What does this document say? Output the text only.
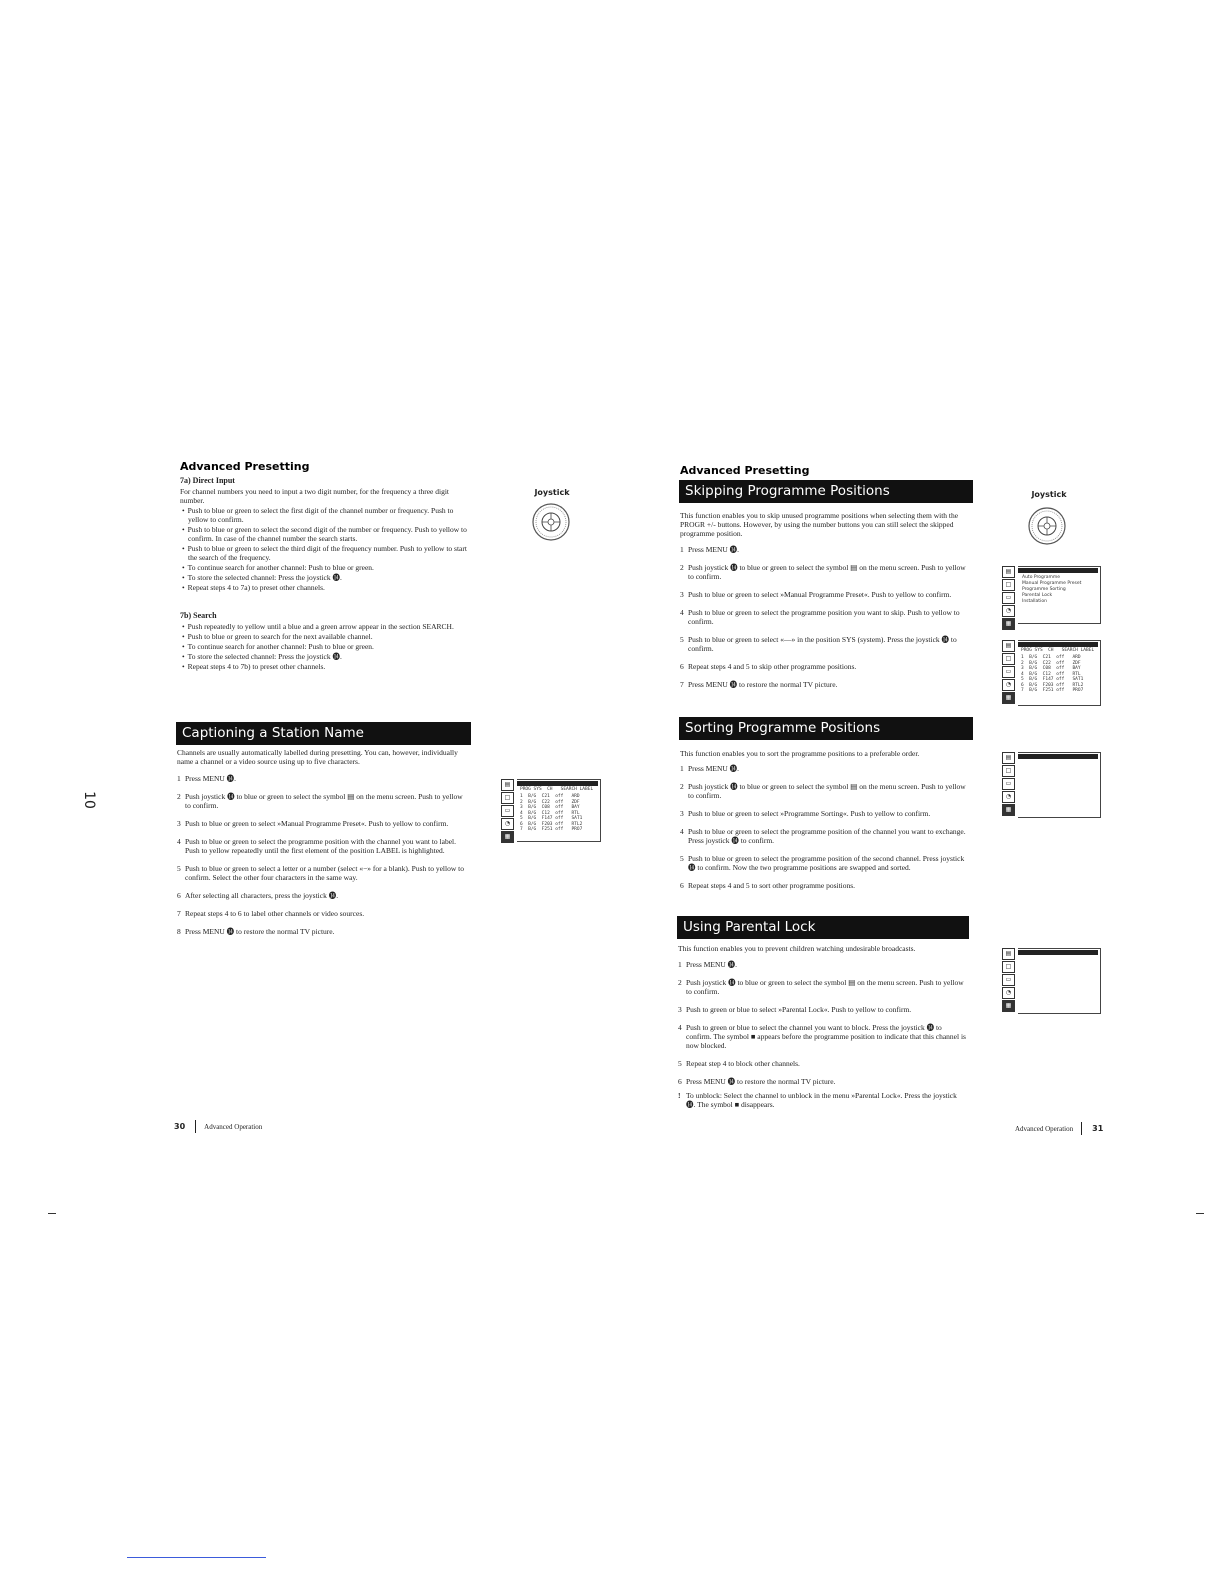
Advanced Presetting
7a) Direct Input
For channel numbers you need to input a two digit number, for the frequency a three digit number.
• Push to blue or green to select the first digit of the channel number or frequency. Push to yellow to confirm.
• Push to blue or green to select the second digit of the number or frequency. Push to yellow to confirm. In case of the channel number the search starts.
• Push to blue or green to select the third digit of the frequency number. Push to yellow to start the search of the frequency.
• To continue search for another channel: Push to blue or green.
• To store the selected channel: Press the joystick ⓮.
• Repeat steps 4 to 7a) to preset other channels.
7b) Search
• Push repeatedly to yellow until a blue and a green arrow appear in the section SEARCH.
• Push to blue or green to search for the next available channel.
• To continue search for another channel: Push to blue or green.
• To store the selected channel: Press the joystick ⓮.
• Repeat steps 4 to 7b) to preset other channels.
Joystick
Captioning a Station Name
Channels are usually automatically labelled during presetting. You can, however, individually name a channel or a video source using up to five characters.
1 Press MENU ⓮.
2 Push joystick ⓮ to blue or green to select the symbol ▤ on the menu screen. Push to yellow to confirm.
3 Push to blue or green to select »Manual Programme Preset«. Push to yellow to confirm.
4 Push to blue or green to select the programme position with the channel you want to label. Push to yellow repeatedly until the first element of the position LABEL is highlighted.
5 Push to blue or green to select a letter or a number (select «−» for a blank). Push to yellow to confirm. Select the other four characters in the same way.
6 After selecting all characters, press the joystick ⓮.
7 Repeat steps 4 to 6 to label other channels or video sources.
8 Press MENU ⓮ to restore the normal TV picture.
▤
□
▭
◔
▦
PROG SYS  CH   SEARCH LABEL
1  B/G  C21  off   ARD
2  B/G  C22  off   ZDF
3  B/G  C08  off   BAY
4  B/G  C12  off   RTL
5  B/G  F147 off   SAT1
6  B/G  F203 off   RTL2
7  B/G  F251 off   PRO7
10
30	Advanced Operation
Advanced Presetting
Skipping Programme Positions
This function enables you to skip unused programme positions when selecting them with the PROGR +/- buttons. However, by using the number buttons you can still select the skipped programme position.
1 Press MENU ⓮.
2 Push joystick ⓮ to blue or green to select the symbol ▤ on the menu screen. Push to yellow to confirm.
3 Push to blue or green to select »Manual Programme Preset«. Push to yellow to confirm.
4 Push to blue or green to select the programme position you want to skip. Push to yellow to confirm.
5 Push to blue or green to select «—» in the position SYS (system). Press the joystick ⓮ to confirm.
6 Repeat steps 4 and 5 to skip other programme positions.
7 Press MENU ⓮ to restore the normal TV picture.
Joystick
▤
□
▭
◔
▦
Auto Programme
Manual Programme Preset
Programme Sorting
Parental Lock
Installation
▤
□
▭
◔
▦
PROG SYS  CH   SEARCH LABEL
1  B/G  C21  off   ARD
2  B/G  C22  off   ZDF
3  B/G  C08  off   BAY
4  B/G  C12  off   RTL
5  B/G  F147 off   SAT1
6  B/G  F203 off   RTL2
7  B/G  F251 off   PRO7
Sorting Programme Positions
This function enables you to sort the programme positions to a preferable order.
1 Press MENU ⓮.
2 Push joystick ⓮ to blue or green to select the symbol ▤ on the menu screen. Push to yellow to confirm.
3 Push to blue or green to select »Programme Sorting«. Push to yellow to confirm.
4 Push to blue or green to select the programme position of the channel you want to exchange. Press joystick ⓮ to confirm.
5 Push to blue or green to select the programme position of the second channel. Press joystick ⓮ to confirm. Now the two programme positions are swapped and sorted.
6 Repeat steps 4 and 5 to sort other programme positions.
▤
□
▭
◔
▦
Using Parental Lock
This function enables you to prevent children watching undesirable broadcasts.
1 Press MENU ⓮.
2 Push joystick ⓮ to blue or green to select the symbol ▤ on the menu screen. Push to yellow to confirm.
3 Push to green or blue to select »Parental Lock«. Push to yellow to confirm.
4 Push to green or blue to select the channel you want to block. Press the joystick ⓮ to confirm. The symbol ■ appears before the programme position to indicate that this channel is now blocked.
5 Repeat step 4 to block other channels.
6 Press MENU ⓮ to restore the normal TV picture.
! To unblock: Select the channel to unblock in the menu »Parental Lock«. Press the joystick ⓮. The symbol ■ disappears.
▤
□
▭
◔
▦
Advanced Operation 31
